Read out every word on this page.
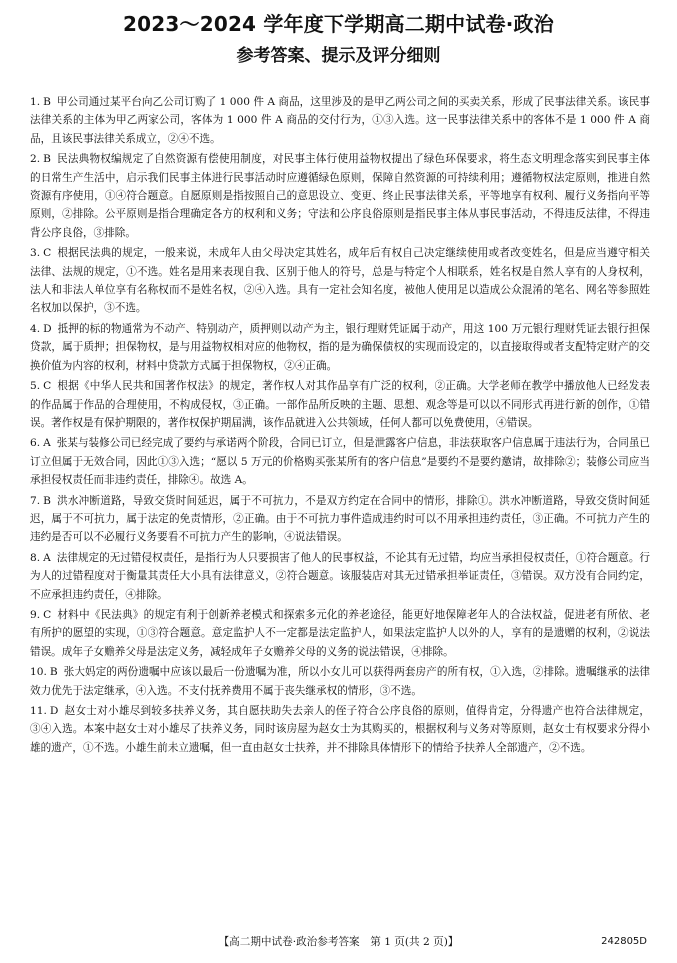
2023～2024 学年度下学期高二期中试卷·政治
参考答案、提示及评分细则

1. B 甲公司通过某平台向乙公司订购了 1 000 件 A 商品，这里涉及的是甲乙两公司之间的买卖关系，形成了民事法律关系。该民事法律关系的主体为甲乙两家公司，客体为 1 000 件 A 商品的交付行为，①③入选。这一民事法律关系中的客体不是 1 000 件 A 商品，且该民事法律关系成立，②④不选。

2. B 民法典物权编规定了自然资源有偿使用制度，对民事主体行使用益物权提出了绿色环保要求，将生态文明理念落实到民事主体的日常生产生活中，启示我们民事主体进行民事活动时应遵循绿色原则，保障自然资源的可持续利用；遵循物权法定原则，推进自然资源有序使用，①④符合题意。自愿原则是指按照自己的意思设立、变更、终止民事法律关系，平等地享有权利、履行义务指向平等原则，②排除。公平原则是指合理确定各方的权利和义务；守法和公序良俗原则是指民事主体从事民事活动，不得违反法律，不得违背公序良俗，③排除。

3. C 根据民法典的规定，一般来说，未成年人由父母决定其姓名，成年后有权自己决定继续使用或者改变姓名，但是应当遵守相关法律、法规的规定，①不选。姓名是用来表现自我、区别于他人的符号，总是与特定个人相联系，姓名权是自然人享有的人身权利，法人和非法人单位享有名称权而不是姓名权，②④入选。具有一定社会知名度，被他人使用足以造成公众混淆的笔名、网名等参照姓名权加以保护，③不选。

4. D 抵押的标的物通常为不动产、特别动产，质押则以动产为主，银行理财凭证属于动产，用这 100 万元银行理财凭证去银行担保贷款，属于质押；担保物权，是与用益物权相对应的他物权，指的是为确保债权的实现而设定的，以直接取得或者支配特定财产的交换价值为内容的权利，材料中贷款方式属于担保物权，②④正确。

5. C 根据《中华人民共和国著作权法》的规定，著作权人对其作品享有广泛的权利，②正确。大学老师在教学中播放他人已经发表的作品属于作品的合理使用，不构成侵权，③正确。一部作品所反映的主题、思想、观念等是可以以不同形式再进行新的创作，①错误。著作权是有保护期限的，著作权保护期届满，该作品就进入公共领域，任何人都可以免费使用，④错误。

6. A 张某与装修公司已经完成了要约与承诺两个阶段，合同已订立，但是泄露客户信息，非法获取客户信息属于违法行为，合同虽已订立但属于无效合同，因此①③入选；“愿以 5 万元的价格购买张某所有的客户信息”是要约不是要约邀请，故排除②；装修公司应当承担侵权责任而非违约责任，排除④。故选 A。

7. B 洪水冲断道路，导致交货时间延迟，属于不可抗力，不是双方约定在合同中的情形，排除①。洪水冲断道路，导致交货时间延迟，属于不可抗力，属于法定的免责情形，②正确。由于不可抗力事件造成违约时可以不用承担违约责任，③正确。不可抗力产生的违约是否可以不必履行义务要看不可抗力产生的影响，④说法错误。

8. A 法律规定的无过错侵权责任，是指行为人只要损害了他人的民事权益，不论其有无过错，均应当承担侵权责任，①符合题意。行为人的过错程度对于衡量其责任大小具有法律意义，②符合题意。该服装店对其无过错承担举证责任，③错误。双方没有合同约定，不应承担违约责任，④排除。

9. C 材料中《民法典》的规定有利于创新养老模式和探索多元化的养老途径，能更好地保障老年人的合法权益，促进老有所依、老有所护的愿望的实现，①③符合题意。意定监护人不一定都是法定监护人，如果法定监护人以外的人，享有的是遗赠的权利，②说法错误。成年子女赡养父母是法定义务，减轻成年子女赡养父母的义务的说法错误，④排除。

10. B 张大妈定的两份遗嘱中应该以最后一份遗嘱为准，所以小女儿可以获得两套房产的所有权，①入选，②排除。遗嘱继承的法律效力优先于法定继承，④入选。不支付抚养费用不属于丧失继承权的情形，③不选。

11. D 赵女士对小雄尽到较多扶养义务，其自愿扶助失去亲人的侄子符合公序良俗的原则，值得肯定，分得遗产也符合法律规定，③④入选。本案中赵女士对小雄尽了扶养义务，同时该房屋为赵女士为其购买的，根据权利与义务对等原则，赵女士有权要求分得小雄的遗产，①不选。小雄生前未立遗嘱，但一直由赵女士扶养，并不排除具体情形下的情给予扶养人全部遗产，②不选。

【高二期中试卷·政治参考答案　第 1 页(共 2 页)】	242805D
